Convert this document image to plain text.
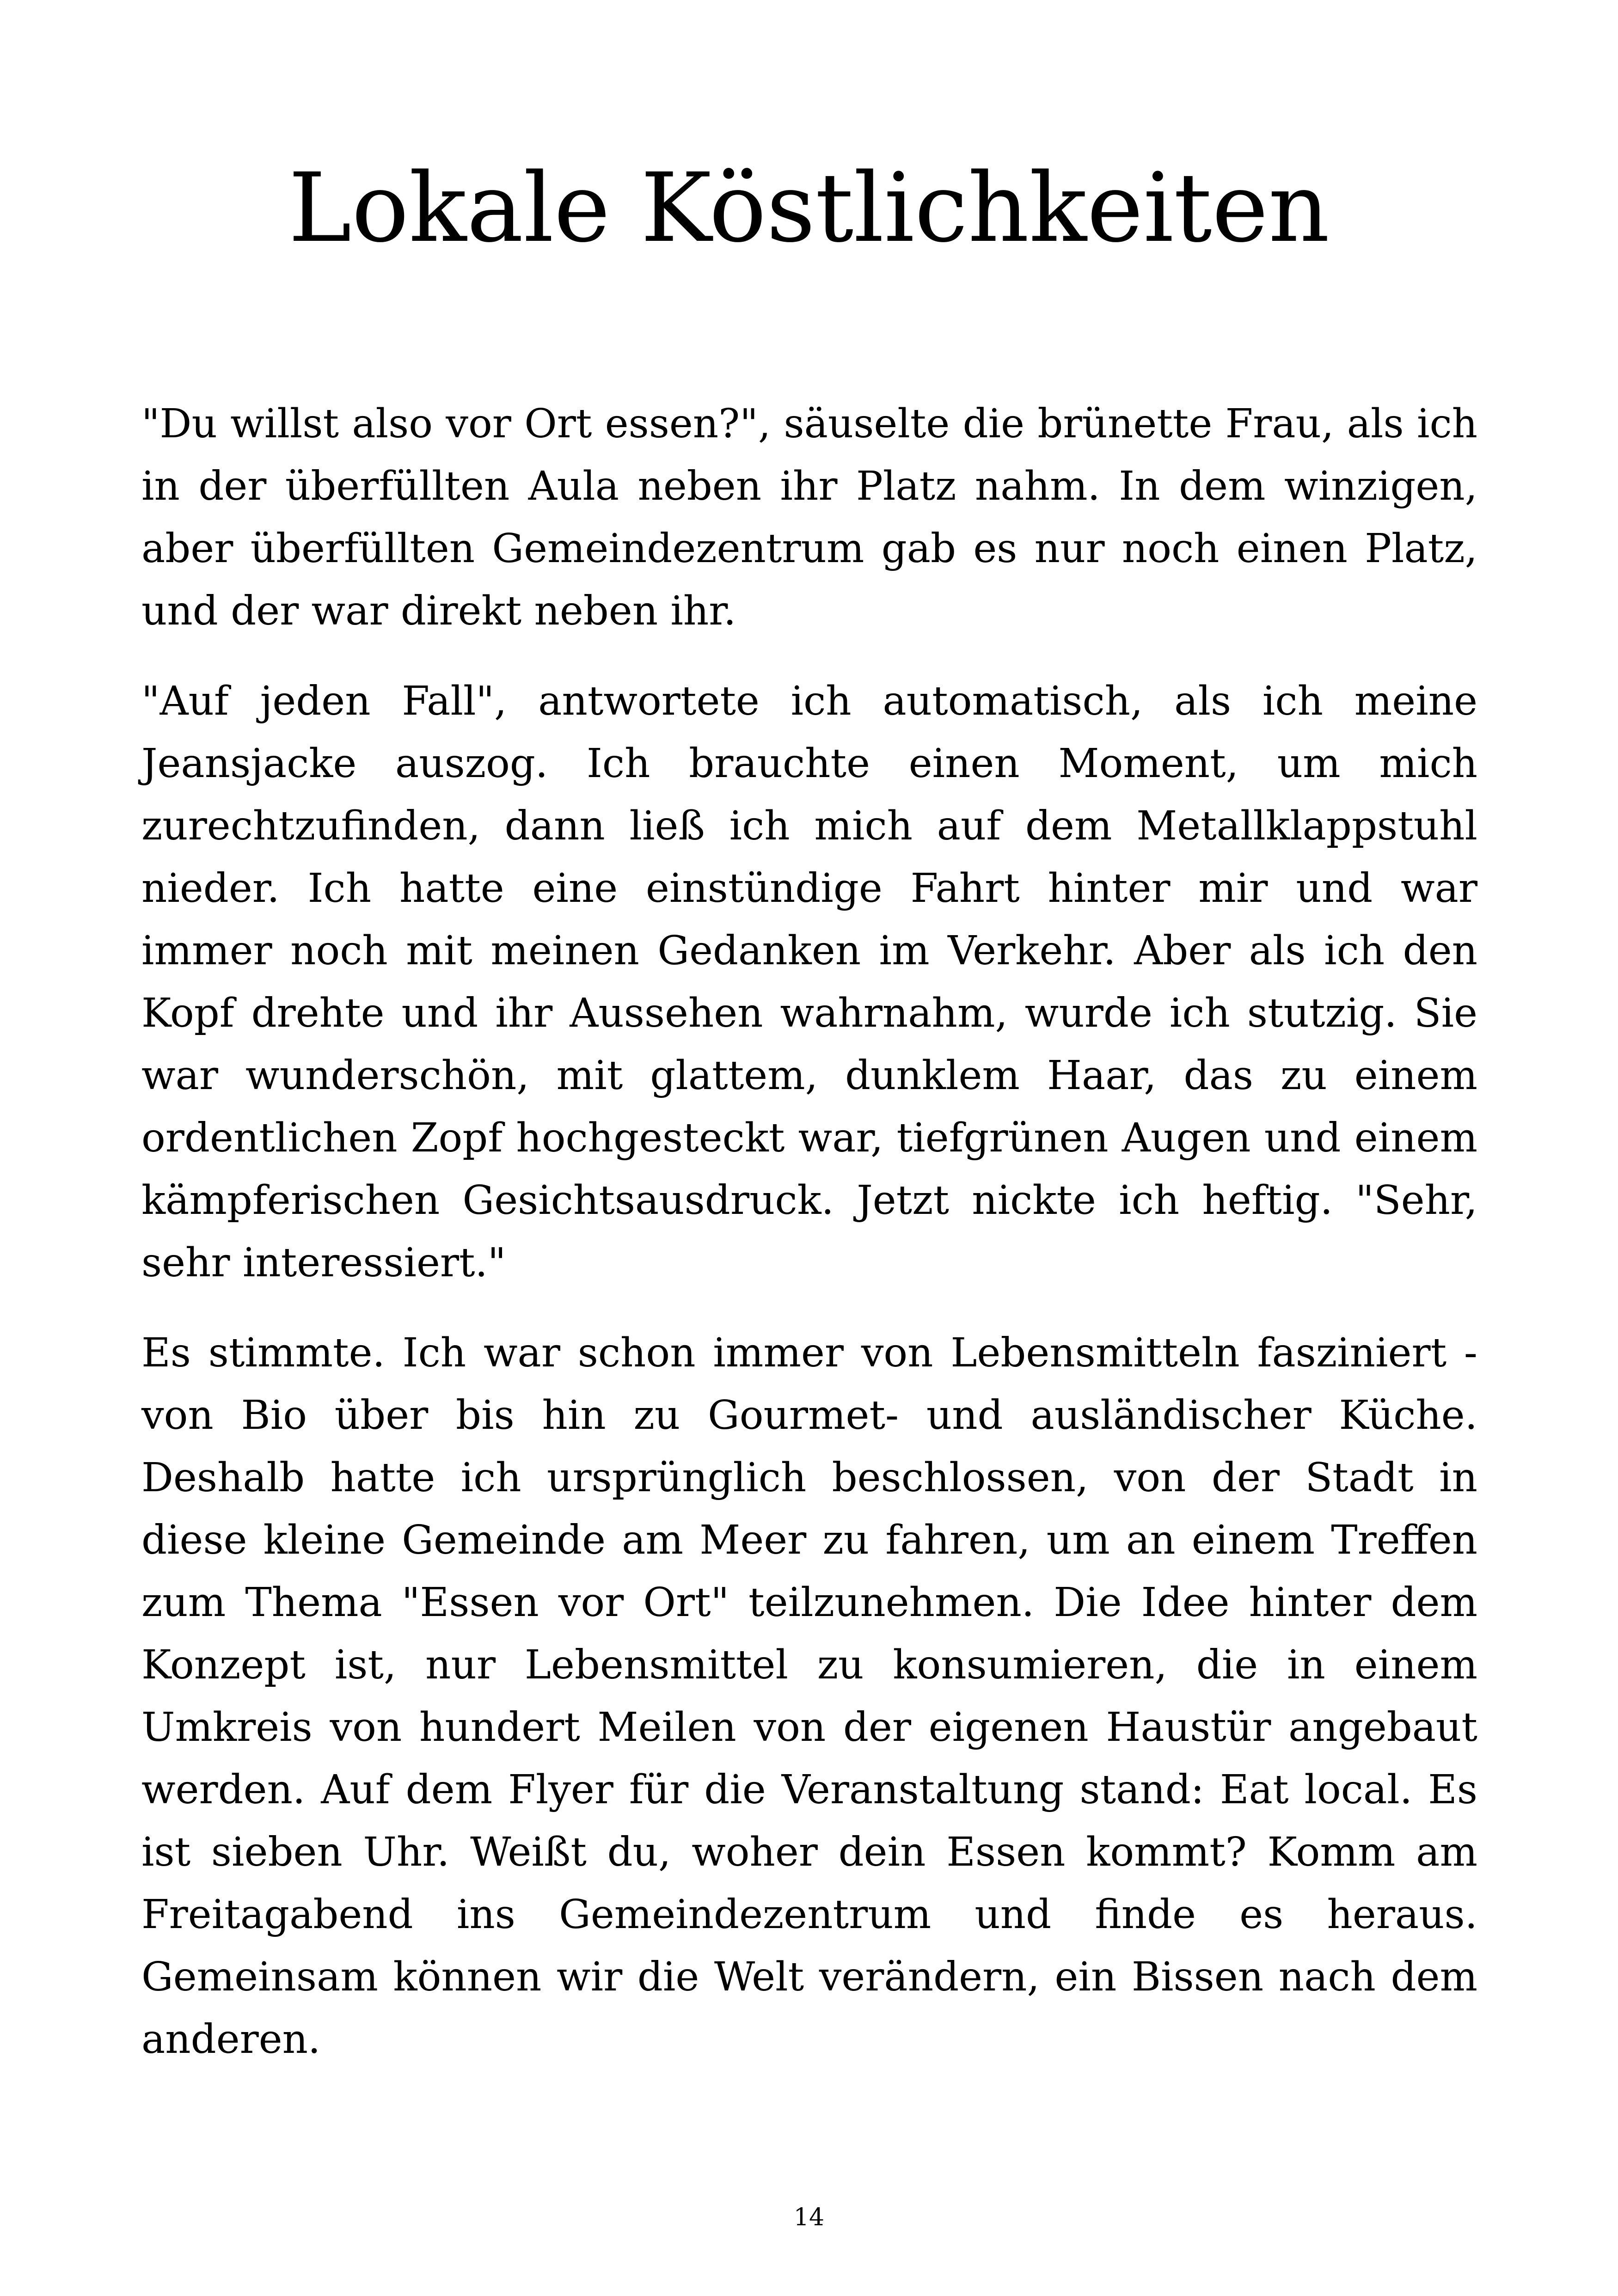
Lokale Köstlichkeiten

"Du willst also vor Ort essen?", säuselte die brünette Frau, als ich in der überfüllten Aula neben ihr Platz nahm. In dem winzigen, aber überfüllten Gemeindezentrum gab es nur noch einen Platz, und der war direkt neben ihr.

"Auf jeden Fall", antwortete ich automatisch, als ich meine Jeansjacke auszog. Ich brauchte einen Moment, um mich zurechtzufinden, dann ließ ich mich auf dem Metallklappstuhl nieder. Ich hatte eine einstündige Fahrt hinter mir und war immer noch mit meinen Gedanken im Verkehr. Aber als ich den Kopf drehte und ihr Aussehen wahrnahm, wurde ich stutzig. Sie war wunderschön, mit glattem, dunklem Haar, das zu einem ordentlichen Zopf hochgesteckt war, tiefgrünen Augen und einem kämpferischen Gesichtsausdruck. Jetzt nickte ich heftig. "Sehr, sehr interessiert."

Es stimmte. Ich war schon immer von Lebensmitteln fasziniert - von Bio über bis hin zu Gourmet- und ausländischer Küche. Deshalb hatte ich ursprünglich beschlossen, von der Stadt in diese kleine Gemeinde am Meer zu fahren, um an einem Treffen zum Thema "Essen vor Ort" teilzunehmen. Die Idee hinter dem Konzept ist, nur Lebensmittel zu konsumieren, die in einem Umkreis von hundert Meilen von der eigenen Haustür angebaut werden. Auf dem Flyer für die Veranstaltung stand: Eat local. Es ist sieben Uhr. Weißt du, woher dein Essen kommt? Komm am Freitagabend ins Gemeindezentrum und finde es heraus. Gemeinsam können wir die Welt verändern, ein Bissen nach dem anderen.

14
